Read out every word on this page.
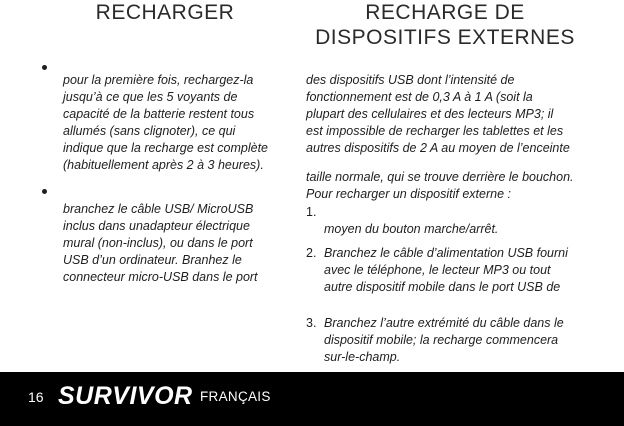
RECHARGER	RECHARGE DE
DISPOSITIFS EXTERNES

pour la première fois, rechargez-la
jusqu’à ce que les 5 voyants de
capacité de la batterie restent tous
allumés (sans clignoter), ce qui
indique que la recharge est complète
(habituellement après 2 à 3 heures).

branchez le câble USB/ MicroUSB
inclus dans unadapteur électrique
mural (non-inclus), ou dans le port
USB d’un ordinateur. Branhez le
connecteur micro-USB dans le port

des dispositifs USB dont l’intensité de
fonctionnement est de 0,3 A à 1 A (soit la
plupart des cellulaires et des lecteurs MP3; il
est impossible de recharger les tablettes et les
autres dispositifs de 2 A au moyen de l’enceinte

taille normale, qui se trouve derrière le bouchon.
Pour recharger un dispositif externe :

1.

moyen du bouton marche/arrêt.

2. Branchez le câble d’alimentation USB fourni
avec le téléphone, le lecteur MP3 ou tout
autre dispositif mobile dans le port USB de

3. Branchez l’autre extrémité du câble dans le
dispositif mobile; la recharge commencera
sur-le-champ.

16 SURVIVOR FRANÇAIS
